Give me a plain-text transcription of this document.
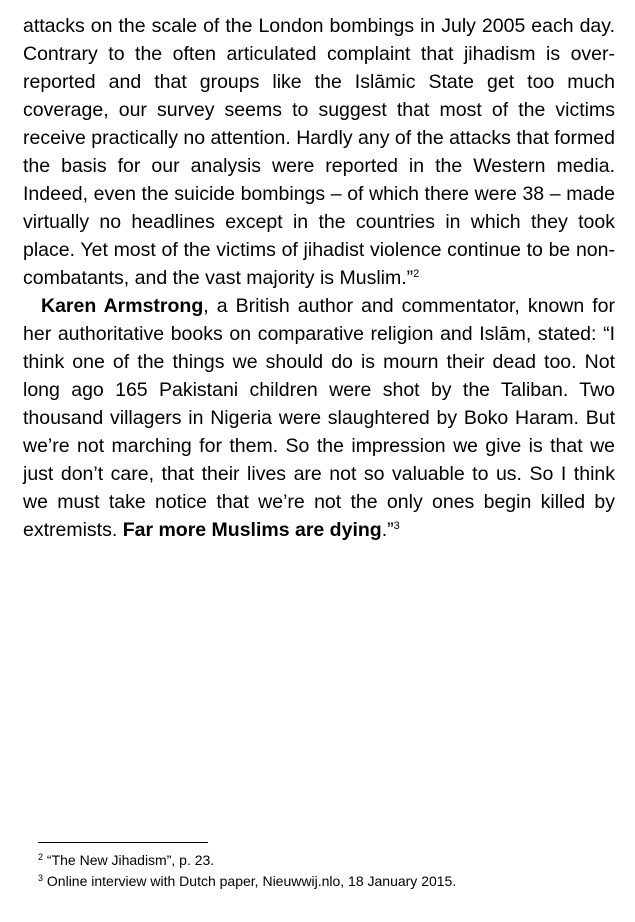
attacks on the scale of the London bombings in July 2005 each day. Contrary to the often articulated complaint that jihadism is over-reported and that groups like the Islāmic State get too much coverage, our survey seems to suggest that most of the victims receive practically no attention. Hardly any of the attacks that formed the basis for our analysis were reported in the Western media. Indeed, even the suicide bombings – of which there were 38 – made virtually no headlines except in the countries in which they took place. Yet most of the victims of jihadist violence continue to be non-combatants, and the vast majority is Muslim.”$^2$

Karen Armstrong, a British author and commentator, known for her authoritative books on comparative religion and Islām, stated: “I think one of the things we should do is mourn their dead too. Not long ago 165 Pakistani children were shot by the Taliban. Two thousand villagers in Nigeria were slaughtered by Boko Haram. But we’re not marching for them. So the impression we give is that we just don’t care, that their lives are not so valuable to us. So I think we must take notice that we’re not the only ones begin killed by extremists. Far more Muslims are dying.”$^3$

$^2$ “The New Jihadism”, p. 23.
$^3$ Online interview with Dutch paper, Nieuwwij.nlo, 18 January 2015.
